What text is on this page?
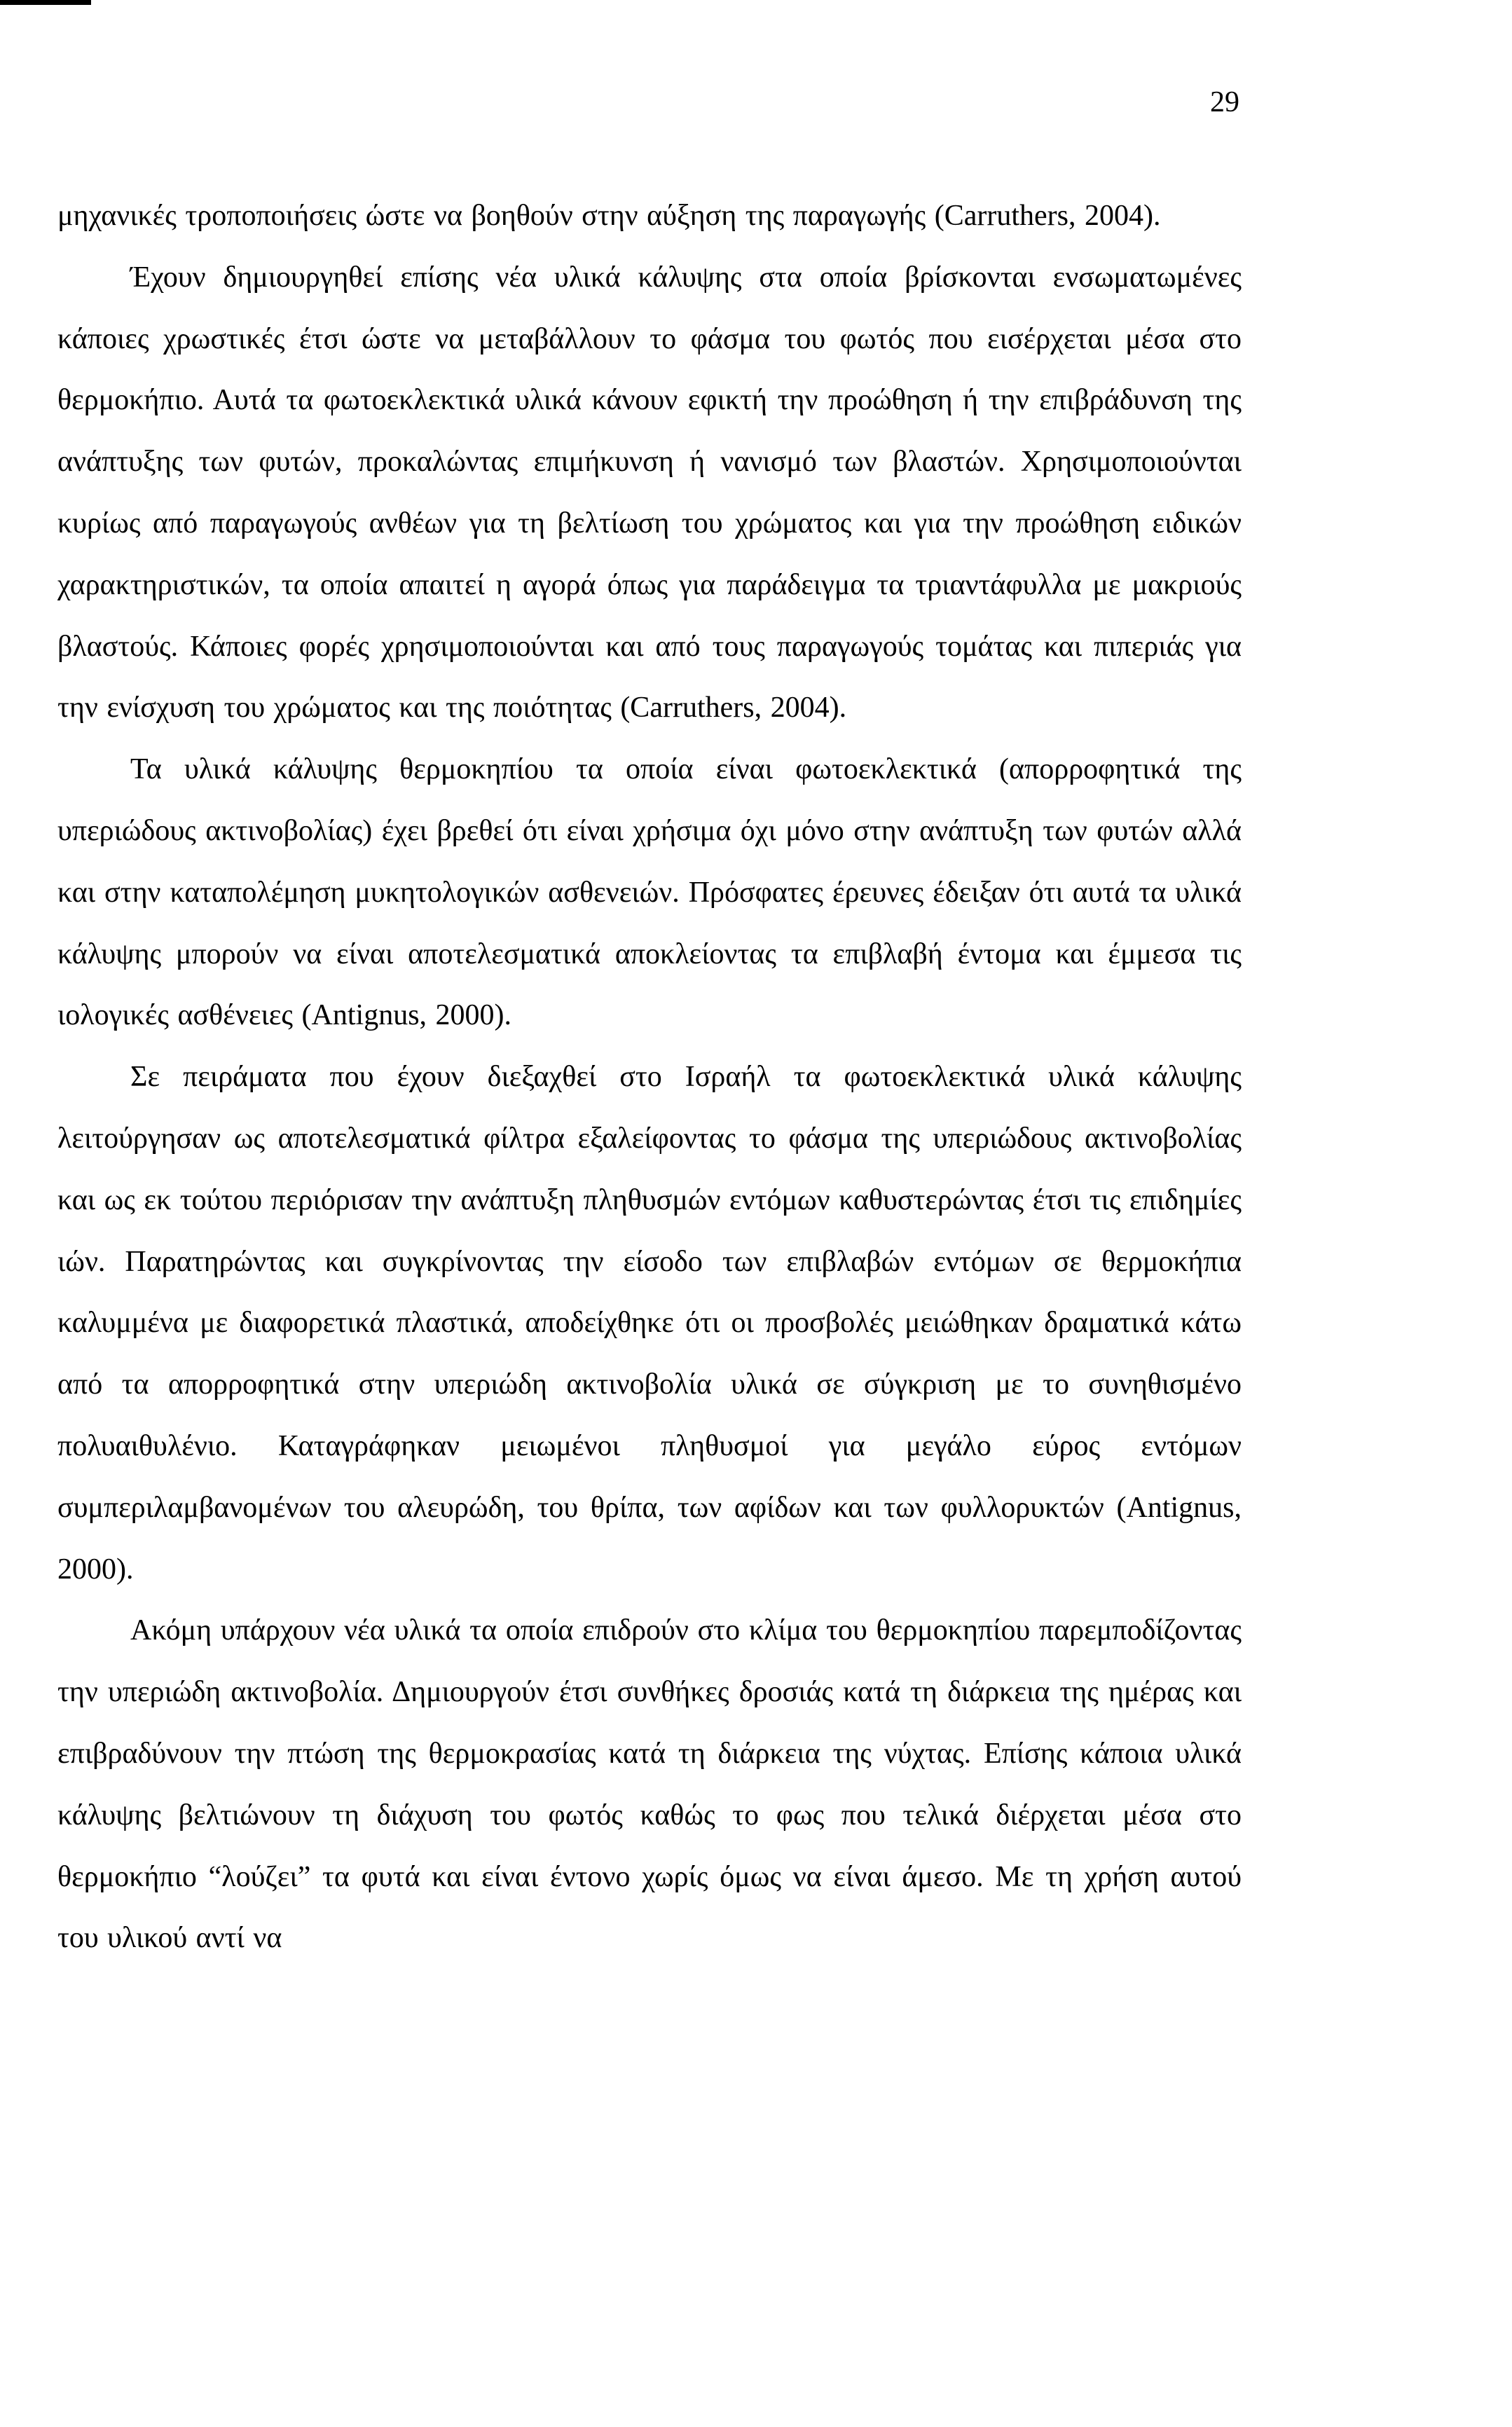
29

μηχανικές τροποποιήσεις ώστε να βοηθούν στην αύξηση της παραγωγής (Carruthers, 2004).

Έχουν δημιουργηθεί επίσης νέα υλικά κάλυψης στα οποία βρίσκονται ενσωματωμένες κάποιες χρωστικές έτσι ώστε να μεταβάλλουν το φάσμα του φωτός που εισέρχεται μέσα στο θερμοκήπιο. Αυτά τα φωτοεκλεκτικά υλικά κάνουν εφικτή την προώθηση ή την επιβράδυνση της ανάπτυξης των φυτών, προκαλώντας επιμήκυνση ή νανισμό των βλαστών. Χρησιμοποιούνται κυρίως από παραγωγούς ανθέων για τη βελτίωση του χρώματος και για την προώθηση ειδικών χαρακτηριστικών, τα οποία απαιτεί η αγορά όπως για παράδειγμα τα τριαντάφυλλα με μακριούς βλαστούς. Κάποιες φορές χρησιμοποιούνται και από τους παραγωγούς τομάτας και πιπεριάς για την ενίσχυση του χρώματος και της ποιότητας (Carruthers, 2004).

Τα υλικά κάλυψης θερμοκηπίου τα οποία είναι φωτοεκλεκτικά (απορροφητικά της υπεριώδους ακτινοβολίας) έχει βρεθεί ότι είναι χρήσιμα όχι μόνο στην ανάπτυξη των φυτών αλλά και στην καταπολέμηση μυκητολογικών ασθενειών. Πρόσφατες έρευνες έδειξαν ότι αυτά τα υλικά κάλυψης μπορούν να είναι αποτελεσματικά αποκλείοντας τα επιβλαβή έντομα και έμμεσα τις ιολογικές ασθένειες (Antignus, 2000).

Σε πειράματα που έχουν διεξαχθεί στο Ισραήλ τα φωτοεκλεκτικά υλικά κάλυψης λειτούργησαν ως αποτελεσματικά φίλτρα εξαλείφοντας το φάσμα της υπεριώδους ακτινοβολίας και ως εκ τούτου περιόρισαν την ανάπτυξη πληθυσμών εντόμων καθυστερώντας έτσι τις επιδημίες ιών. Παρατηρώντας και συγκρίνοντας την είσοδο των επιβλαβών εντόμων σε θερμοκήπια καλυμμένα με διαφορετικά πλαστικά, αποδείχθηκε ότι οι προσβολές μειώθηκαν δραματικά κάτω από τα απορροφητικά στην υπεριώδη ακτινοβολία υλικά σε σύγκριση με το συνηθισμένο πολυαιθυλένιο. Καταγράφηκαν μειωμένοι πληθυσμοί για μεγάλο εύρος εντόμων συμπεριλαμβανομένων του αλευρώδη, του θρίπα, των αφίδων και των φυλλορυκτών (Antignus, 2000).

Ακόμη υπάρχουν νέα υλικά τα οποία επιδρούν στο κλίμα του θερμοκηπίου παρεμποδίζοντας την υπεριώδη ακτινοβολία. Δημιουργούν έτσι συνθήκες δροσιάς κατά τη διάρκεια της ημέρας και επιβραδύνουν την πτώση της θερμοκρασίας κατά τη διάρκεια της νύχτας. Επίσης κάποια υλικά κάλυψης βελτιώνουν τη διάχυση του φωτός καθώς το φως που τελικά διέρχεται μέσα στο θερμοκήπιο “λούζει” τα φυτά και είναι έντονο χωρίς όμως να είναι άμεσο. Με τη χρήση αυτού του υλικού αντί να
